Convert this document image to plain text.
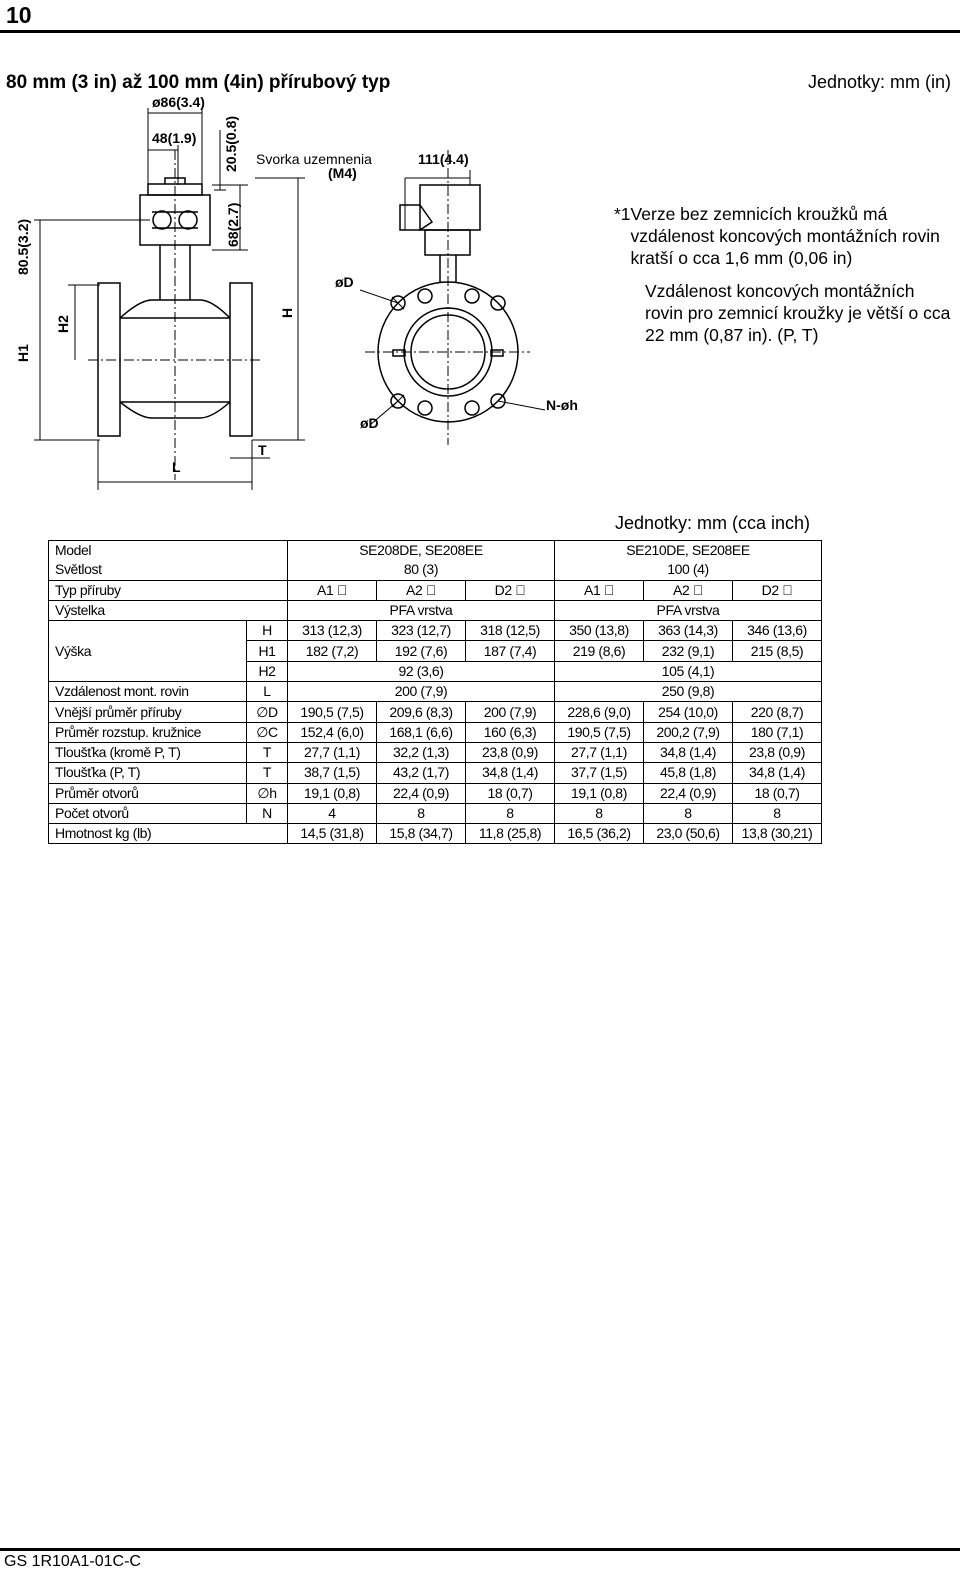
10
80 mm (3 in) až 100 mm (4in) přírubový typ	Jednotky: mm (in)
ø86(3.4)
48(1.9) 20.5(0.8)
68(2.7)
80.5(3.2)
H1
H2
H
T
L
øD
øD
N-øh
111(4.4)
Svorka uzemnenia
(M4)
*1 Verze bez zemnicích kroužků má vzdálenost koncových montážních rovin kratší o cca 1,6 mm (0,06 in)
Vzdálenost koncových montážních rovin pro zemnicí kroužky je větší o cca 22 mm (0,87 in). (P, T)
Jednotky: mm (cca inch)
Model		SE208DE, SE208EE			SE210DE, SE208EE		
Světlost		80 (3)			100 (4)		
Typ příruby		A1	A2	D2	A1	A2	D2
Výstelka		PFA vrstva			PFA vrstva		
Výška	H	313 (12,3)	323 (12,7)	318 (12,5)	350 (13,8)	363 (14,3)	346 (13,6)
	H1	182 (7,2)	192 (7,6)	187 (7,4)	219 (8,6)	232 (9,1)	215 (8,5)
	H2	92 (3,6)			105 (4,1)		
Vzdálenost mont. rovin	L	200 (7,9)			250 (9,8)		
Vnější průměr příruby	∅D	190,5 (7,5)	209,6 (8,3)	200 (7,9)	228,6 (9,0)	254 (10,0)	220 (8,7)
Průměr rozstup. kružnice	∅C	152,4 (6,0)	168,1 (6,6)	160 (6,3)	190,5 (7,5)	200,2 (7,9)	180 (7,1)
Tloušťka (kromě P, T)	T	27,7 (1,1)	32,2 (1,3)	23,8 (0,9)	27,7 (1,1)	34,8 (1,4)	23,8 (0,9)
Tloušťka (P, T)	T	38,7 (1,5)	43,2 (1,7)	34,8 (1,4)	37,7 (1,5)	45,8 (1,8)	34,8 (1,4)
Průměr otvorů	∅h	19,1 (0,8)	22,4 (0,9)	18 (0,7)	19,1 (0,8)	22,4 (0,9)	18 (0,7)
Počet otvorů	N	4	8	8	8	8	8
Hmotnost kg (lb)		14,5 (31,8)	15,8 (34,7)	11,8 (25,8)	16,5 (36,2)	23,0 (50,6)	13,8 (30,21)
GS 1R10A1-01C-C
